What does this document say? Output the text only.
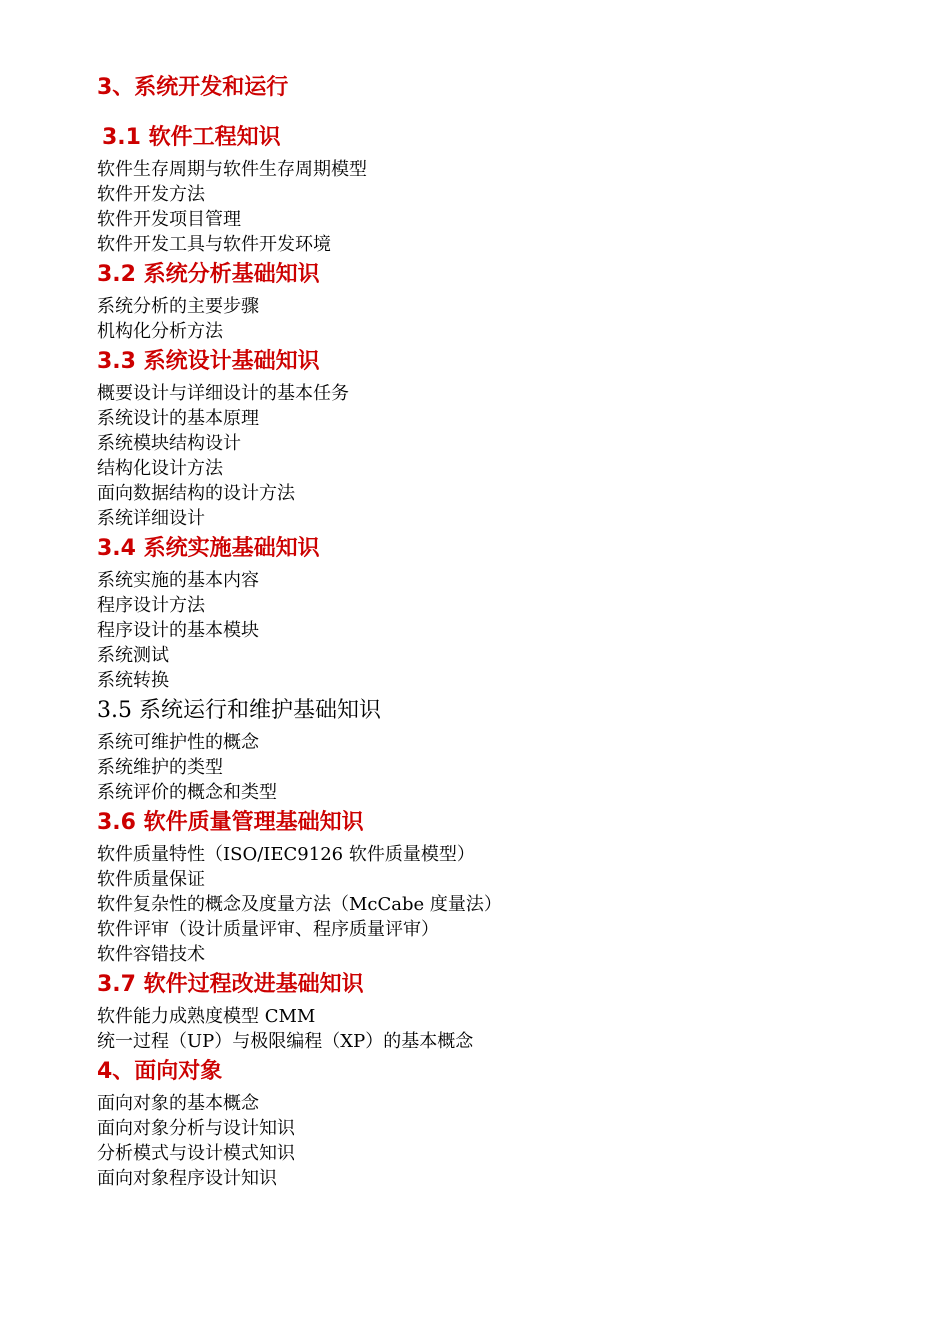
3、系统开发和运行
3.1 软件工程知识
软件生存周期与软件生存周期模型
软件开发方法
软件开发项目管理
软件开发工具与软件开发环境
3.2 系统分析基础知识
系统分析的主要步骤
机构化分析方法
3.3 系统设计基础知识
概要设计与详细设计的基本任务
系统设计的基本原理
系统模块结构设计
结构化设计方法
面向数据结构的设计方法
系统详细设计
3.4 系统实施基础知识
系统实施的基本内容
程序设计方法
程序设计的基本模块
系统测试
系统转换
3.5 系统运行和维护基础知识
系统可维护性的概念
系统维护的类型
系统评价的概念和类型
3.6 软件质量管理基础知识
软件质量特性（ISO/IEC9126 软件质量模型）
软件质量保证
软件复杂性的概念及度量方法（McCabe 度量法）
软件评审（设计质量评审、程序质量评审）
软件容错技术
3.7 软件过程改进基础知识
软件能力成熟度模型 CMM
统一过程（UP）与极限编程（XP）的基本概念
4、面向对象
面向对象的基本概念
面向对象分析与设计知识
分析模式与设计模式知识
面向对象程序设计知识
